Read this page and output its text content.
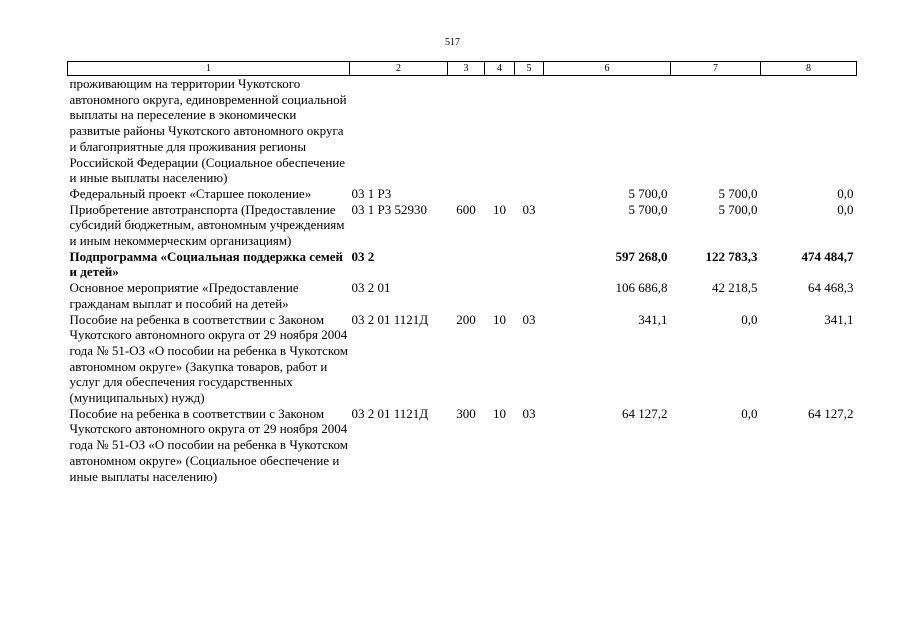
517
1	2	3	4	5	6	7	8
проживающим на территории Чукотского автономного округа, единовременной социальной выплаты на переселение в экономически развитые районы Чукотского автономного округа и благоприятные для проживания регионы Российской Федерации (Социальное обеспечение и иные выплаты населению)							
Федеральный проект «Старшее поколение»	03 1 P3				5 700,0	5 700,0	0,0
Приобретение автотранспорта (Предоставление субсидий бюджетным, автономным учреждениям и иным некоммерческим организациям)	03 1 P3 52930	600	10	03	5 700,0	5 700,0	0,0
Подпрограмма «Социальная поддержка семей и детей»	03 2				597 268,0	122 783,3	474 484,7
Основное мероприятие «Предоставление гражданам выплат и пособий на детей»	03 2 01				106 686,8	42 218,5	64 468,3
Пособие на ребенка в соответствии с Законом Чукотского автономного округа от 29 ноября 2004 года № 51-ОЗ «О пособии на ребенка в Чукотском автономном округе» (Закупка товаров, работ и услуг для обеспечения государственных (муниципальных) нужд)	03 2 01 1121Д	200	10	03	341,1	0,0	341,1
Пособие на ребенка в соответствии с Законом Чукотского автономного округа от 29 ноября 2004 года № 51-ОЗ «О пособии на ребенка в Чукотском автономном округе» (Социальное обеспечение и иные выплаты населению)	03 2 01 1121Д	300	10	03	64 127,2	0,0	64 127,2
